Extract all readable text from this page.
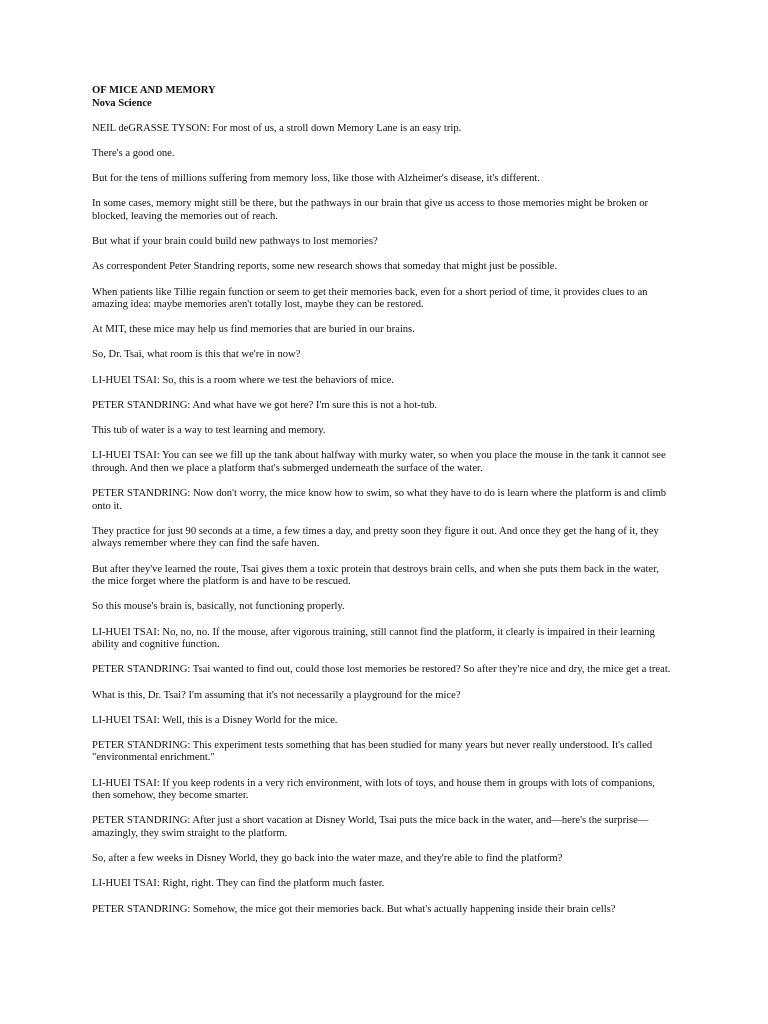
OF MICE AND MEMORY
Nova Science

NEIL deGRASSE TYSON: For most of us, a stroll down Memory Lane is an easy trip.

There's a good one.

But for the tens of millions suffering from memory loss, like those with Alzheimer's disease, it's different.

In some cases, memory might still be there, but the pathways in our brain that give us access to those memories might be broken or blocked, leaving the memories out of reach.

But what if your brain could build new pathways to lost memories?

As correspondent Peter Standring reports, some new research shows that someday that might just be possible.

When patients like Tillie regain function or seem to get their memories back, even for a short period of time, it provides clues to an amazing idea: maybe memories aren't totally lost, maybe they can be restored.

At MIT, these mice may help us find memories that are buried in our brains.

So, Dr. Tsai, what room is this that we're in now?

LI-HUEI TSAI: So, this is a room where we test the behaviors of mice.

PETER STANDRING: And what have we got here? I'm sure this is not a hot-tub.

This tub of water is a way to test learning and memory.

LI-HUEI TSAI: You can see we fill up the tank about halfway with murky water, so when you place the mouse in the tank it cannot see through. And then we place a platform that's submerged underneath the surface of the water.

PETER STANDRING: Now don't worry, the mice know how to swim, so what they have to do is learn where the platform is and climb onto it.

They practice for just 90 seconds at a time, a few times a day, and pretty soon they figure it out. And once they get the hang of it, they always remember where they can find the safe haven.

But after they've learned the route, Tsai gives them a toxic protein that destroys brain cells, and when she puts them back in the water, the mice forget where the platform is and have to be rescued.

So this mouse's brain is, basically, not functioning properly.

LI-HUEI TSAI: No, no, no. If the mouse, after vigorous training, still cannot find the platform, it clearly is impaired in their learning ability and cognitive function.

PETER STANDRING: Tsai wanted to find out, could those lost memories be restored? So after they're nice and dry, the mice get a treat.

What is this, Dr. Tsai? I'm assuming that it's not necessarily a playground for the mice?

LI-HUEI TSAI: Well, this is a Disney World for the mice.

PETER STANDRING: This experiment tests something that has been studied for many years but never really understood. It's called "environmental enrichment."

LI-HUEI TSAI: If you keep rodents in a very rich environment, with lots of toys, and house them in groups with lots of companions, then somehow, they become smarter.

PETER STANDRING: After just a short vacation at Disney World, Tsai puts the mice back in the water, and—here's the surprise—amazingly, they swim straight to the platform.

So, after a few weeks in Disney World, they go back into the water maze, and they're able to find the platform?

LI-HUEI TSAI: Right, right. They can find the platform much faster.

PETER STANDRING: Somehow, the mice got their memories back. But what's actually happening inside their brain cells?
